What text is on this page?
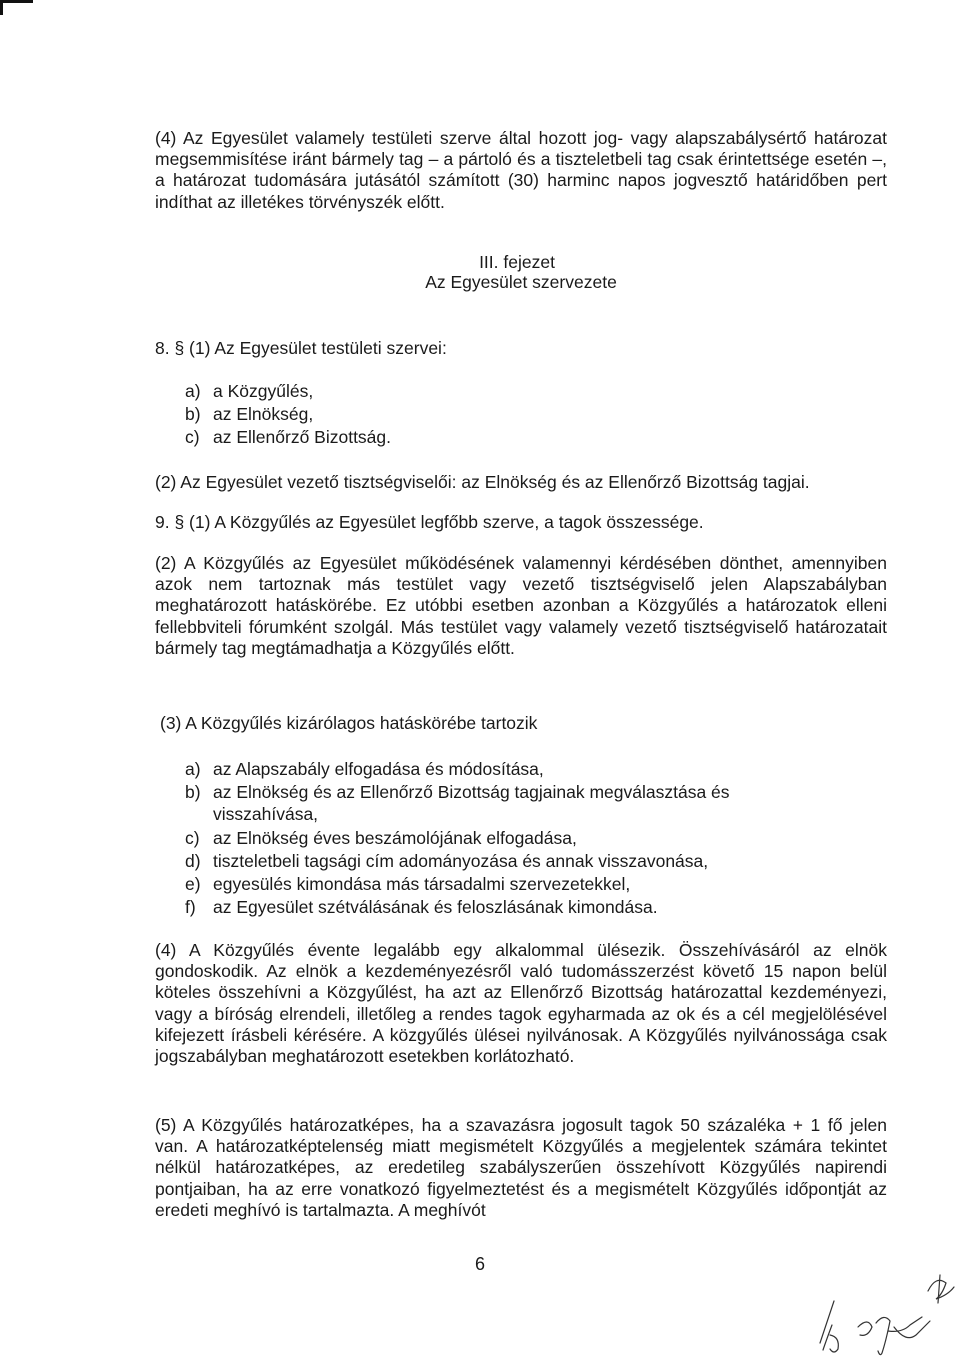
(4) Az Egyesület valamely testületi szerve által hozott jog- vagy alapszabálysértő határozat megsemmisítése iránt bármely tag – a pártoló és a tiszteletbeli tag csak érintettsége esetén –, a határozat tudomására jutásától számított (30) harminc napos jogvesztő határidőben pert indíthat az illetékes törvényszék előtt.

III. fejezet
Az Egyesület szervezete
8. § (1) Az Egyesület testületi szervei:
a) a Közgyűlés,
b) az Elnökség,
c) az Ellenőrző Bizottság.
(2) Az Egyesület vezető tisztségviselői: az Elnökség és az Ellenőrző Bizottság tagjai.
9. § (1) A Közgyűlés az Egyesület legfőbb szerve, a tagok összessége.

(2) A Közgyűlés az Egyesület működésének valamennyi kérdésében dönthet, amennyiben azok nem tartoznak más testület vagy vezető tisztségviselő jelen Alapszabályban meghatározott hatáskörébe. Ez utóbbi esetben azonban a Közgyűlés a határozatok elleni fellebbviteli fórumként szolgál. Más testület vagy valamely vezető tisztségviselő határozatait bármely tag megtámadhatja a Közgyűlés előtt.

(3) A Közgyűlés kizárólagos hatáskörébe tartozik
a) az Alapszabály elfogadása és módosítása,
b) az Elnökség és az Ellenőrző Bizottság tagjainak megválasztása és
visszahívása,
c) az Elnökség éves beszámolójának elfogadása,
d) tiszteletbeli tagsági cím adományozása és annak visszavonása,
e) egyesülés kimondása más társadalmi szervezetekkel,
f) az Egyesület szétválásának és feloszlásának kimondása.

(4) A Közgyűlés évente legalább egy alkalommal ülésezik. Összehívásáról az elnök gondoskodik. Az elnök a kezdeményezésről való tudomásszerzést követő 15 napon belül köteles összehívni a Közgyűlést, ha azt az Ellenőrző Bizottság határozattal kezdeményezi, vagy a bíróság elrendeli, illetőleg a rendes tagok egyharmada az ok és a cél megjelölésével kifejezett írásbeli kérésére. A közgyűlés ülései nyilvánosak. A Közgyűlés nyilvánossága csak jogszabályban meghatározott esetekben korlátozható.

(5) A Közgyűlés határozatképes, ha a szavazásra jogosult tagok 50 százaléka + 1 fő jelen van. A határozatképtelenség miatt megismételt Közgyűlés a megjelentek számára tekintet nélkül határozatképes, az eredetileg szabályszerűen összehívott Közgyűlés napirendi pontjaiban, ha az erre vonatkozó figyelmeztetést és a megismételt Közgyűlés időpontját az eredeti meghívó is tartalmazta. A meghívót

6
